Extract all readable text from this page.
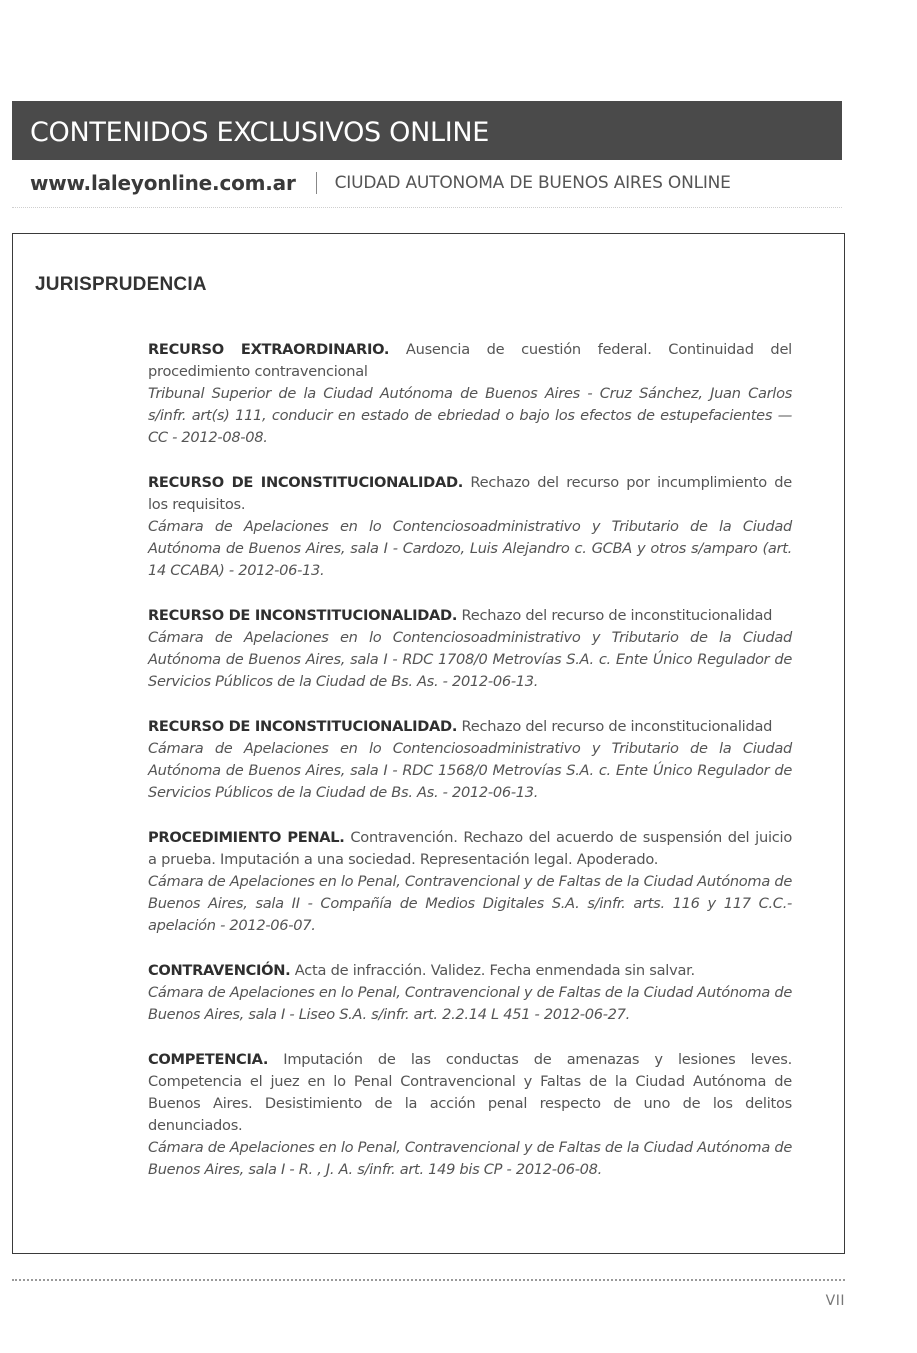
CONTENIDOS EXCLUSIVOS ONLINE
www.laleyonline.com.ar CIUDAD AUTONOMA DE BUENOS AIRES ONLINE
JURISPRUDENCIA

RECURSO EXTRAORDINARIO. Ausencia de cuestión federal. Continuidad del procedimiento contravencional

Tribunal Superior de la Ciudad Autónoma de Buenos Aires - Cruz Sánchez, Juan Carlos s/infr. art(s) 111, conducir en estado de ebriedad o bajo los efectos de estupefacientes —CC - 2012-08-08.

RECURSO DE INCONSTITUCIONALIDAD. Rechazo del recurso por incumplimiento de los requisitos.

Cámara de Apelaciones en lo Contenciosoadministrativo y Tributario de la Ciudad Autónoma de Buenos Aires, sala I - Cardozo, Luis Alejandro c. GCBA y otros s/amparo (art. 14 CCABA) - 2012-06-13.

RECURSO DE INCONSTITUCIONALIDAD. Rechazo del recurso de inconstitucionalidad

Cámara de Apelaciones en lo Contenciosoadministrativo y Tributario de la Ciudad Autónoma de Buenos Aires, sala I - RDC 1708/0 Metrovías S.A. c. Ente Único Regulador de Servicios Públicos de la Ciudad de Bs. As. - 2012-06-13.

RECURSO DE INCONSTITUCIONALIDAD. Rechazo del recurso de inconstitucionalidad

Cámara de Apelaciones en lo Contenciosoadministrativo y Tributario de la Ciudad Autónoma de Buenos Aires, sala I - RDC 1568/0 Metrovías S.A. c. Ente Único Regulador de Servicios Públicos de la Ciudad de Bs. As. - 2012-06-13.

PROCEDIMIENTO PENAL. Contravención. Rechazo del acuerdo de suspensión del juicio a prueba. Imputación a una sociedad. Representación legal. Apoderado.

Cámara de Apelaciones en lo Penal, Contravencional y de Faltas de la Ciudad Autónoma de Buenos Aires, sala II - Compañía de Medios Digitales S.A. s/infr. arts. 116 y 117 C.C.-apelación - 2012-06-07.

CONTRAVENCIÓN. Acta de infracción. Validez. Fecha enmendada sin salvar.

Cámara de Apelaciones en lo Penal, Contravencional y de Faltas de la Ciudad Autónoma de Buenos Aires, sala I - Liseo S.A. s/infr. art. 2.2.14 L 451 - 2012-06-27.

COMPETENCIA. Imputación de las conductas de amenazas y lesiones leves. Competencia el juez en lo Penal Contravencional y Faltas de la Ciudad Autónoma de Buenos Aires. Desistimiento de la acción penal respecto de uno de los delitos denunciados.

Cámara de Apelaciones en lo Penal, Contravencional y de Faltas de la Ciudad Autónoma de Buenos Aires, sala I - R. , J. A. s/infr. art. 149 bis CP - 2012-06-08.
VII
